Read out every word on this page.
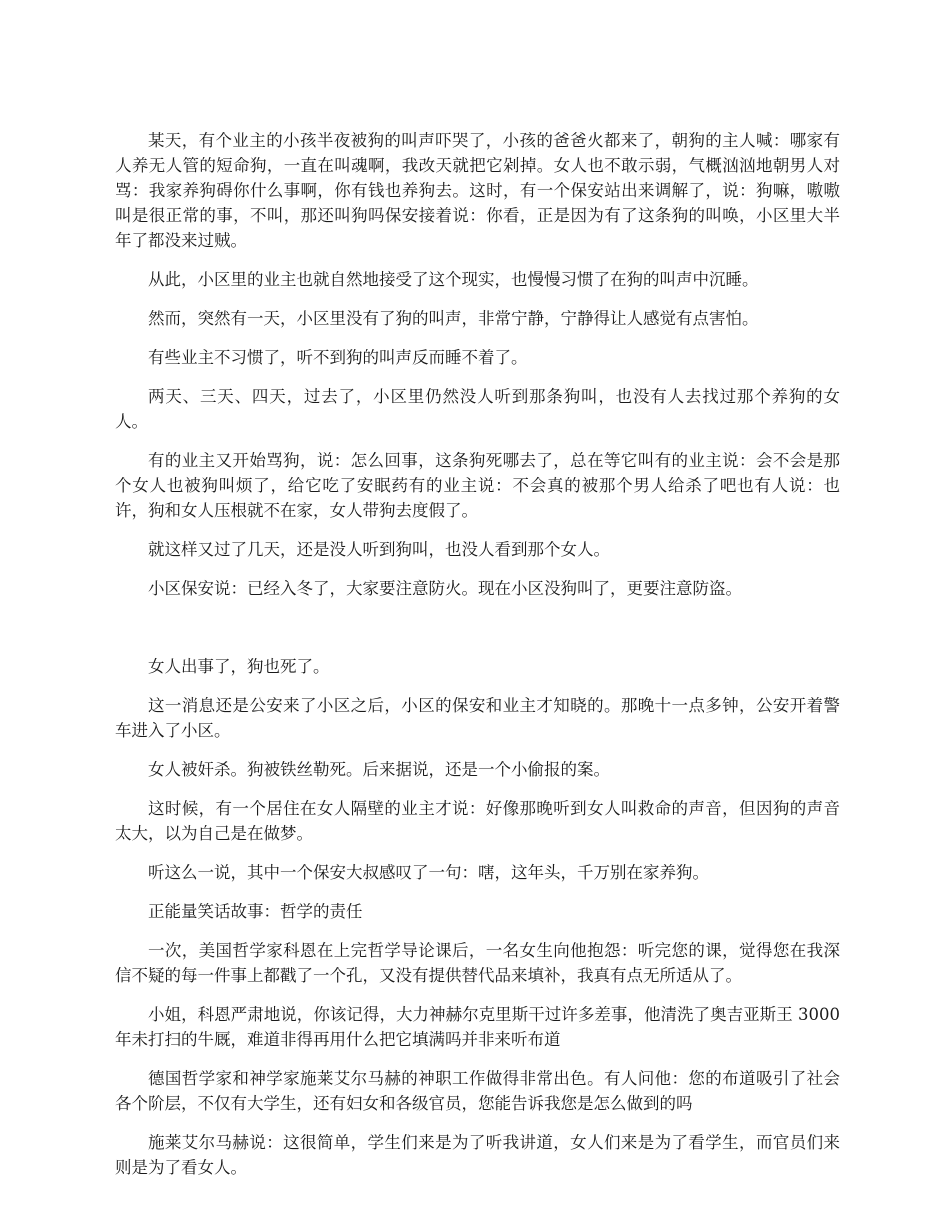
某天，有个业主的小孩半夜被狗的叫声吓哭了，小孩的爸爸火都来了，朝狗的主人喊：哪家有人养无人管的短命狗，一直在叫魂啊，我改天就把它剁掉。女人也不敢示弱，气概汹汹地朝男人对骂：我家养狗碍你什么事啊，你有钱也养狗去。这时，有一个保安站出来调解了，说：狗嘛，嗷嗷叫是很正常的事，不叫，那还叫狗吗保安接着说：你看，正是因为有了这条狗的叫唤，小区里大半年了都没来过贼。

从此，小区里的业主也就自然地接受了这个现实，也慢慢习惯了在狗的叫声中沉睡。

然而，突然有一天，小区里没有了狗的叫声，非常宁静，宁静得让人感觉有点害怕。

有些业主不习惯了，听不到狗的叫声反而睡不着了。

两天、三天、四天，过去了，小区里仍然没人听到那条狗叫，也没有人去找过那个养狗的女人。

有的业主又开始骂狗，说：怎么回事，这条狗死哪去了，总在等它叫有的业主说：会不会是那个女人也被狗叫烦了，给它吃了安眠药有的业主说：不会真的被那个男人给杀了吧也有人说：也许，狗和女人压根就不在家，女人带狗去度假了。

就这样又过了几天，还是没人听到狗叫，也没人看到那个女人。

小区保安说：已经入冬了，大家要注意防火。现在小区没狗叫了，更要注意防盗。

女人出事了，狗也死了。

这一消息还是公安来了小区之后，小区的保安和业主才知晓的。那晚十一点多钟，公安开着警车进入了小区。

女人被奸杀。狗被铁丝勒死。后来据说，还是一个小偷报的案。

这时候，有一个居住在女人隔壁的业主才说：好像那晚听到女人叫救命的声音，但因狗的声音太大，以为自己是在做梦。

听这么一说，其中一个保安大叔感叹了一句：嗐，这年头，千万别在家养狗。

正能量笑话故事：哲学的责任

一次，美国哲学家科恩在上完哲学导论课后，一名女生向他抱怨：听完您的课，觉得您在我深信不疑的每一件事上都戳了一个孔，又没有提供替代品来填补，我真有点无所适从了。

小姐，科恩严肃地说，你该记得，大力神赫尔克里斯干过许多差事，他清洗了奥吉亚斯王 3000 年未打扫的牛厩，难道非得再用什么把它填满吗并非来听布道

德国哲学家和神学家施莱艾尔马赫的神职工作做得非常出色。有人问他：您的布道吸引了社会各个阶层，不仅有大学生，还有妇女和各级官员，您能告诉我您是怎么做到的吗

施莱艾尔马赫说：这很简单，学生们来是为了听我讲道，女人们来是为了看学生，而官员们来则是为了看女人。
